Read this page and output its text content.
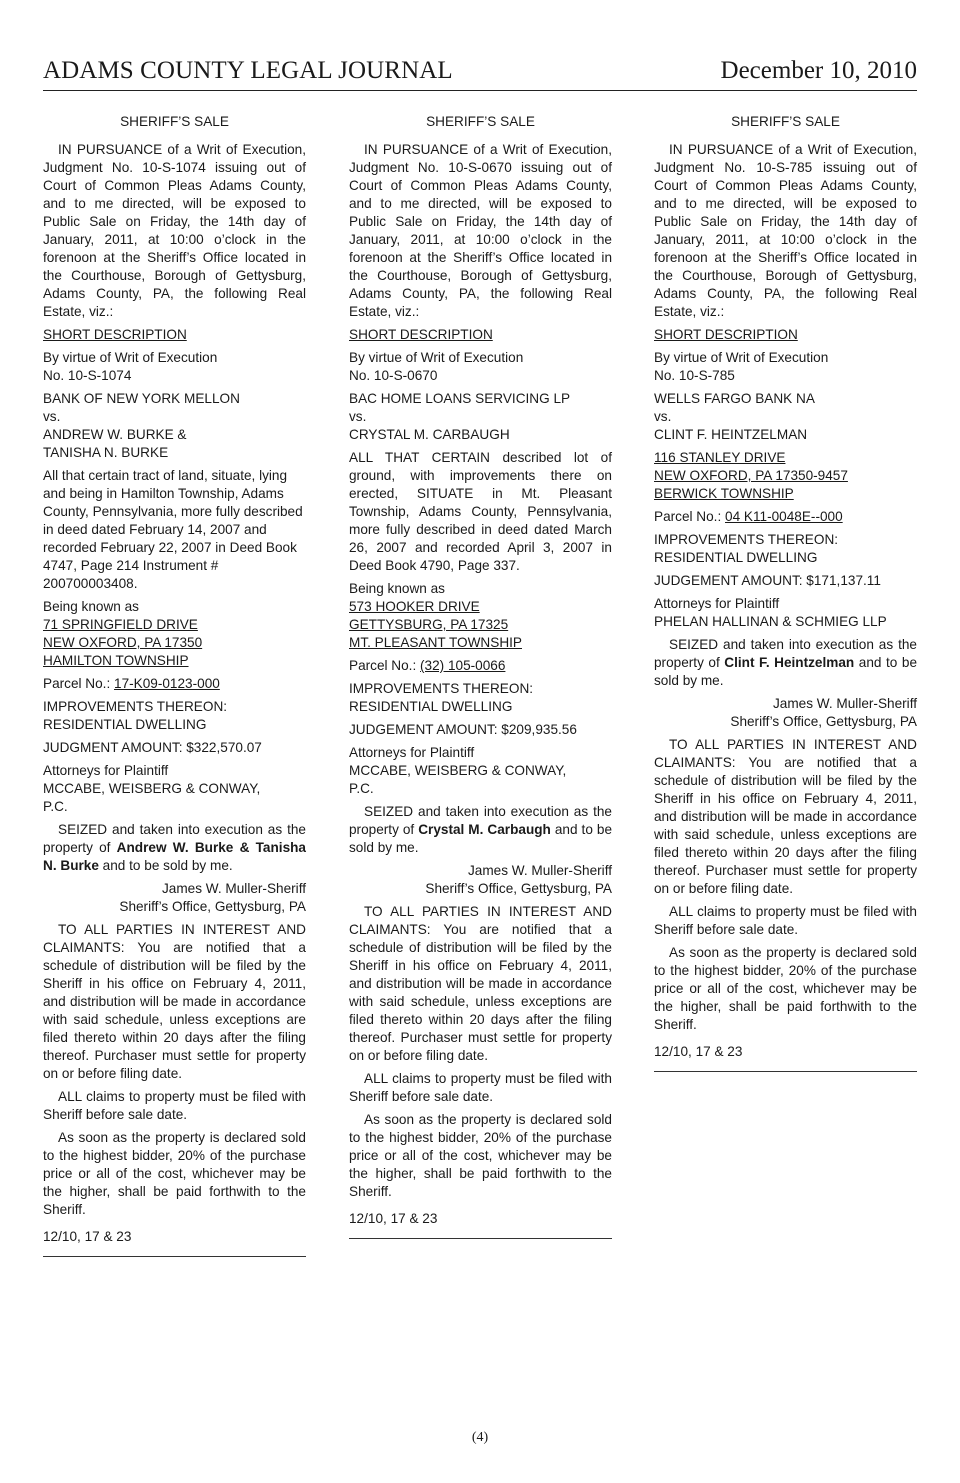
ADAMS COUNTY LEGAL JOURNAL	December 10, 2010

SHERIFF’S SALE

IN PURSUANCE of a Writ of Execution, Judgment No. 10-S-1074 issuing out of Court of Common Pleas Adams County, and to me directed, will be exposed to Public Sale on Friday, the 14th day of January, 2011, at 10:00 o’clock in the forenoon at the Sheriff’s Office located in the Courthouse, Borough of Gettysburg, Adams County, PA, the following Real Estate, viz.:

SHORT DESCRIPTION

By virtue of Writ of Execution
No. 10-S-1074

BANK OF NEW YORK MELLON
vs.
ANDREW W. BURKE &
TANISHA N. BURKE

All that certain tract of land, situate, lying and being in Hamilton Township, Adams County, Pennsylvania, more fully described in deed dated February 14, 2007 and recorded February 22, 2007 in Deed Book 4747, Page 214 Instrument # 200700003408.

Being known as
71 SPRINGFIELD DRIVE
NEW OXFORD, PA 17350
HAMILTON TOWNSHIP

Parcel No.: 17-K09-0123-000

IMPROVEMENTS THEREON:
RESIDENTIAL DWELLING

JUDGMENT AMOUNT: $322,570.07

Attorneys for Plaintiff
MCCABE, WEISBERG & CONWAY,
P.C.

SEIZED and taken into execution as the property of Andrew W. Burke & Tanisha N. Burke and to be sold by me.

James W. Muller-Sheriff
Sheriff’s Office, Gettysburg, PA

TO ALL PARTIES IN INTEREST AND CLAIMANTS: You are notified that a schedule of distribution will be filed by the Sheriff in his office on February 4, 2011, and distribution will be made in accordance with said schedule, unless exceptions are filed thereto within 20 days after the filing thereof. Purchaser must settle for property on or before filing date.

ALL claims to property must be filed with Sheriff before sale date.

As soon as the property is declared sold to the highest bidder, 20% of the purchase price or all of the cost, whichever may be the higher, shall be paid forthwith to the Sheriff.

12/10, 17 & 23

SHERIFF’S SALE

IN PURSUANCE of a Writ of Execution, Judgment No. 10-S-0670 issuing out of Court of Common Pleas Adams County, and to me directed, will be exposed to Public Sale on Friday, the 14th day of January, 2011, at 10:00 o’clock in the forenoon at the Sheriff’s Office located in the Courthouse, Borough of Gettysburg, Adams County, PA, the following Real Estate, viz.:

SHORT DESCRIPTION

By virtue of Writ of Execution
No. 10-S-0670

BAC HOME LOANS SERVICING LP
vs.
CRYSTAL M. CARBAUGH

ALL THAT CERTAIN described lot of ground, with improvements there on erected, SITUATE in Mt. Pleasant Township, Adams County, Pennsylvania, more fully described in deed dated March 26, 2007 and recorded April 3, 2007 in Deed Book 4790, Page 337.

Being known as
573 HOOKER DRIVE
GETTYSBURG, PA 17325
MT. PLEASANT TOWNSHIP

Parcel No.: (32) 105-0066

IMPROVEMENTS THEREON:
RESIDENTIAL DWELLING

JUDGEMENT AMOUNT: $209,935.56

Attorneys for Plaintiff
MCCABE, WEISBERG & CONWAY,
P.C.

SEIZED and taken into execution as the property of Crystal M. Carbaugh and to be sold by me.

James W. Muller-Sheriff
Sheriff’s Office, Gettysburg, PA

TO ALL PARTIES IN INTEREST AND CLAIMANTS: You are notified that a schedule of distribution will be filed by the Sheriff in his office on February 4, 2011, and distribution will be made in accordance with said schedule, unless exceptions are filed thereto within 20 days after the filing thereof. Purchaser must settle for property on or before filing date.

ALL claims to property must be filed with Sheriff before sale date.

As soon as the property is declared sold to the highest bidder, 20% of the purchase price or all of the cost, whichever may be the higher, shall be paid forthwith to the Sheriff.

12/10, 17 & 23

SHERIFF’S SALE

IN PURSUANCE of a Writ of Execution, Judgment No. 10-S-785 issuing out of Court of Common Pleas Adams County, and to me directed, will be exposed to Public Sale on Friday, the 14th day of January, 2011, at 10:00 o’clock in the forenoon at the Sheriff’s Office located in the Courthouse, Borough of Gettysburg, Adams County, PA, the following Real Estate, viz.:

SHORT DESCRIPTION

By virtue of Writ of Execution
No. 10-S-785

WELLS FARGO BANK NA
vs.
CLINT F. HEINTZELMAN

116 STANLEY DRIVE
NEW OXFORD, PA 17350-9457
BERWICK TOWNSHIP

Parcel No.: 04 K11-0048E--000

IMPROVEMENTS THEREON:
RESIDENTIAL DWELLING

JUDGEMENT AMOUNT: $171,137.11

Attorneys for Plaintiff
PHELAN HALLINAN & SCHMIEG LLP

SEIZED and taken into execution as the property of Clint F. Heintzelman and to be sold by me.

James W. Muller-Sheriff
Sheriff’s Office, Gettysburg, PA

TO ALL PARTIES IN INTEREST AND CLAIMANTS: You are notified that a schedule of distribution will be filed by the Sheriff in his office on February 4, 2011, and distribution will be made in accordance with said schedule, unless exceptions are filed thereto within 20 days after the filing thereof. Purchaser must settle for property on or before filing date.

ALL claims to property must be filed with Sheriff before sale date.

As soon as the property is declared sold to the highest bidder, 20% of the purchase price or all of the cost, whichever may be the higher, shall be paid forthwith to the Sheriff.

12/10, 17 & 23

(4)
